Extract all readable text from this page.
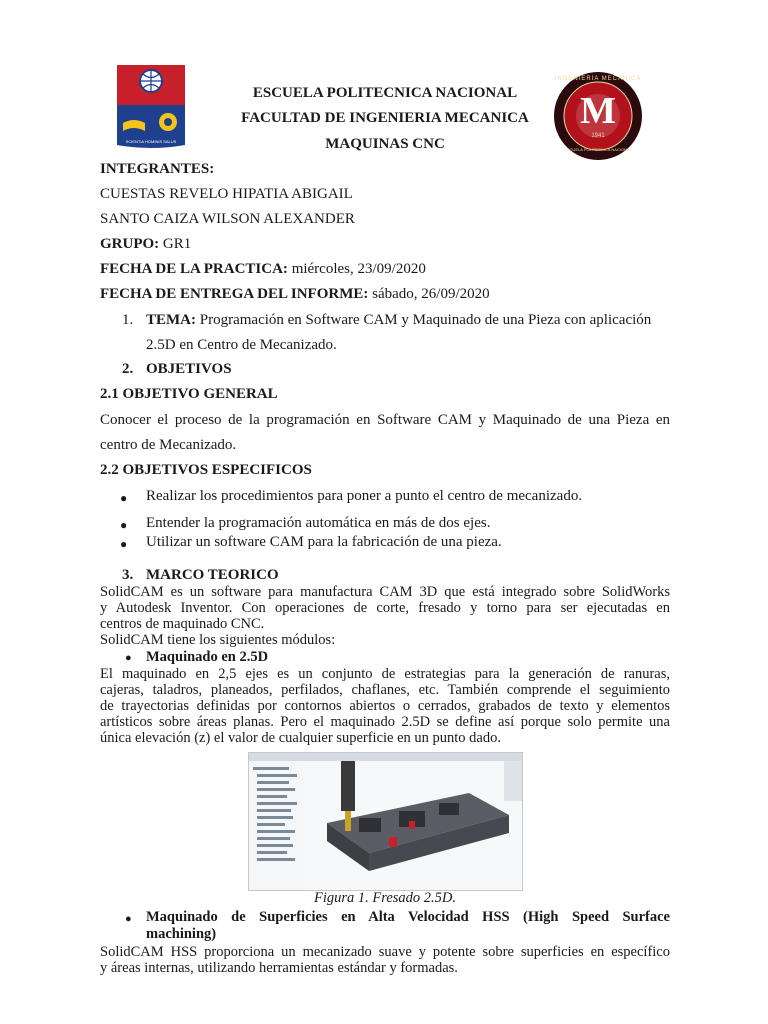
SCIENTIA HOMINIS SALUS
M
INGENIERIA MECANICA
1941
ESCUELA POLITECNICA NACIONAL
ESCUELA POLITECNICA NACIONAL
FACULTAD DE INGENIERIA MECANICA
MAQUINAS CNC
INTEGRANTES:
CUESTAS REVELO HIPATIA ABIGAIL
SANTO CAIZA WILSON ALEXANDER
GRUPO: GR1
FECHA DE LA PRACTICA: miércoles, 23/09/2020
FECHA DE ENTREGA DEL INFORME: sábado, 26/09/2020
1. TEMA: Programación en Software CAM y Maquinado de una Pieza con aplicación
2.5D en Centro de Mecanizado.
2. OBJETIVOS
2.1 OBJETIVO GENERAL
Conocer el proceso de la programación en Software CAM y Maquinado de una Pieza en
centro de Mecanizado.
2.2 OBJETIVOS ESPECIFICOS
● Realizar los procedimientos para poner a punto el centro de mecanizado.
● Entender la programación automática en más de dos ejes.
● Utilizar un software CAM para la fabricación de una pieza.
3. MARCO TEORICO
SolidCAM es un software para manufactura CAM 3D que está integrado sobre SolidWorks
y Autodesk Inventor. Con operaciones de corte, fresado y torno para ser ejecutadas en
centros de maquinado CNC.
SolidCAM tiene los siguientes módulos:
● Maquinado en 2.5D
El maquinado en 2,5 ejes es un conjunto de estrategias para la generación de ranuras,
cajeras, taladros, planeados, perfilados, chaflanes, etc. También comprende el seguimiento
de trayectorias definidas por contornos abiertos o cerrados, grabados de texto y elementos
artísticos sobre áreas planas. Pero el maquinado 2.5D se define así porque solo permite una
única elevación (z) el valor de cualquier superficie en un punto dado.
Figura 1. Fresado 2.5D.
● Maquinado de Superficies en Alta Velocidad HSS (High Speed Surface
machining)
SolidCAM HSS proporciona un mecanizado suave y potente sobre superficies en específico
y áreas internas, utilizando herramientas estándar y formadas.
